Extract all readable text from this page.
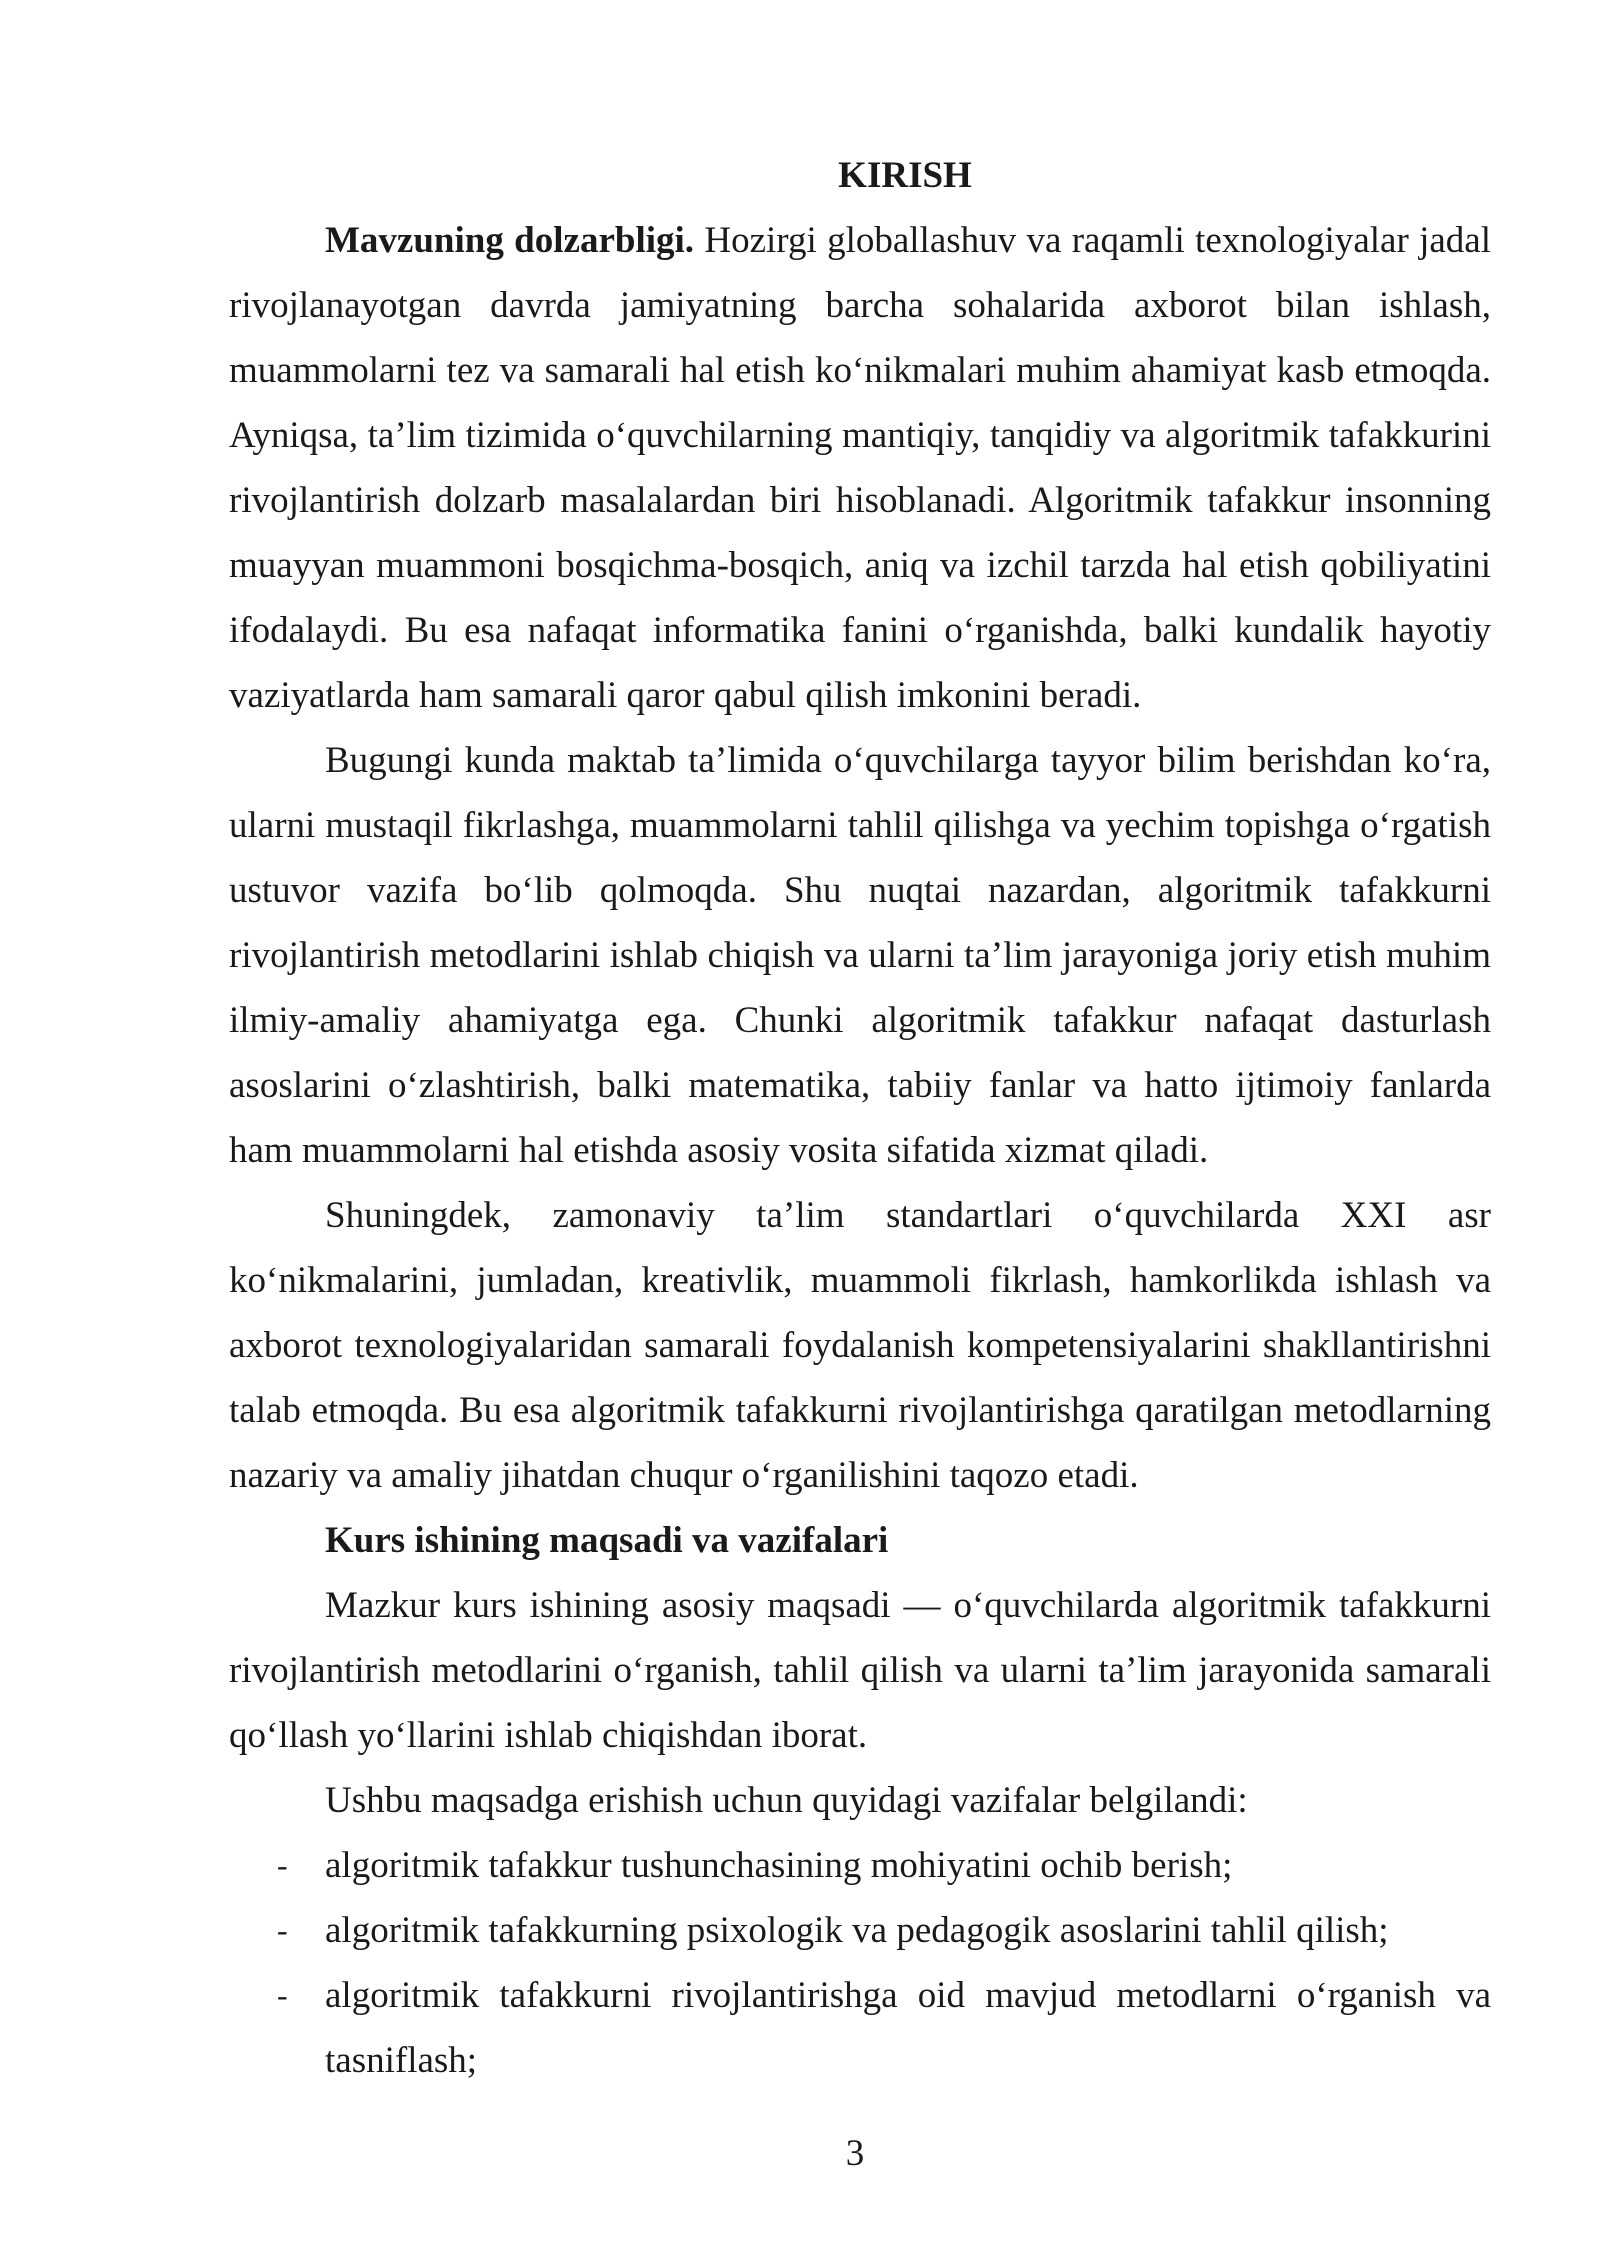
KIRISH

Mavzuning dolzarbligi. Hozirgi globallashuv va raqamli texnologiyalar jadal rivojlanayotgan davrda jamiyatning barcha sohalarida axborot bilan ishlash, muammolarni tez va samarali hal etish ko‘nikmalari muhim ahamiyat kasb etmoqda. Ayniqsa, ta’lim tizimida o‘quvchilarning mantiqiy, tanqidiy va algoritmik tafakkurini rivojlantirish dolzarb masalalardan biri hisoblanadi. Algoritmik tafakkur insonning muayyan muammoni bosqichma-bosqich, aniq va izchil tarzda hal etish qobiliyatini ifodalaydi. Bu esa nafaqat informatika fanini o‘rganishda, balki kundalik hayotiy vaziyatlarda ham samarali qaror qabul qilish imkonini beradi.

Bugungi kunda maktab ta’limida o‘quvchilarga tayyor bilim berishdan ko‘ra, ularni mustaqil fikrlashga, muammolarni tahlil qilishga va yechim topishga o‘rgatish ustuvor vazifa bo‘lib qolmoqda. Shu nuqtai nazardan, algoritmik tafakkurni rivojlantirish metodlarini ishlab chiqish va ularni ta’lim jarayoniga joriy etish muhim ilmiy-amaliy ahamiyatga ega. Chunki algoritmik tafakkur nafaqat dasturlash asoslarini o‘zlashtirish, balki matematika, tabiiy fanlar va hatto ijtimoiy fanlarda ham muammolarni hal etishda asosiy vosita sifatida xizmat qiladi.

Shuningdek, zamonaviy ta’lim standartlari o‘quvchilarda XXI asr ko‘nikmalarini, jumladan, kreativlik, muammoli fikrlash, hamkorlikda ishlash va axborot texnologiyalaridan samarali foydalanish kompetensiyalarini shakllantirishni talab etmoqda. Bu esa algoritmik tafakkurni rivojlantirishga qaratilgan metodlarning nazariy va amaliy jihatdan chuqur o‘rganilishini taqozo etadi.

Kurs ishining maqsadi va vazifalari

Mazkur kurs ishining asosiy maqsadi — o‘quvchilarda algoritmik tafakkurni rivojlantirish metodlarini o‘rganish, tahlil qilish va ularni ta’lim jarayonida samarali qo‘llash yo‘llarini ishlab chiqishdan iborat.

Ushbu maqsadga erishish uchun quyidagi vazifalar belgilandi:

- algoritmik tafakkur tushunchasining mohiyatini ochib berish;
- algoritmik tafakkurning psixologik va pedagogik asoslarini tahlil qilish;
- algoritmik tafakkurni rivojlantirishga oid mavjud metodlarni o‘rganish va tasniflash;
3
